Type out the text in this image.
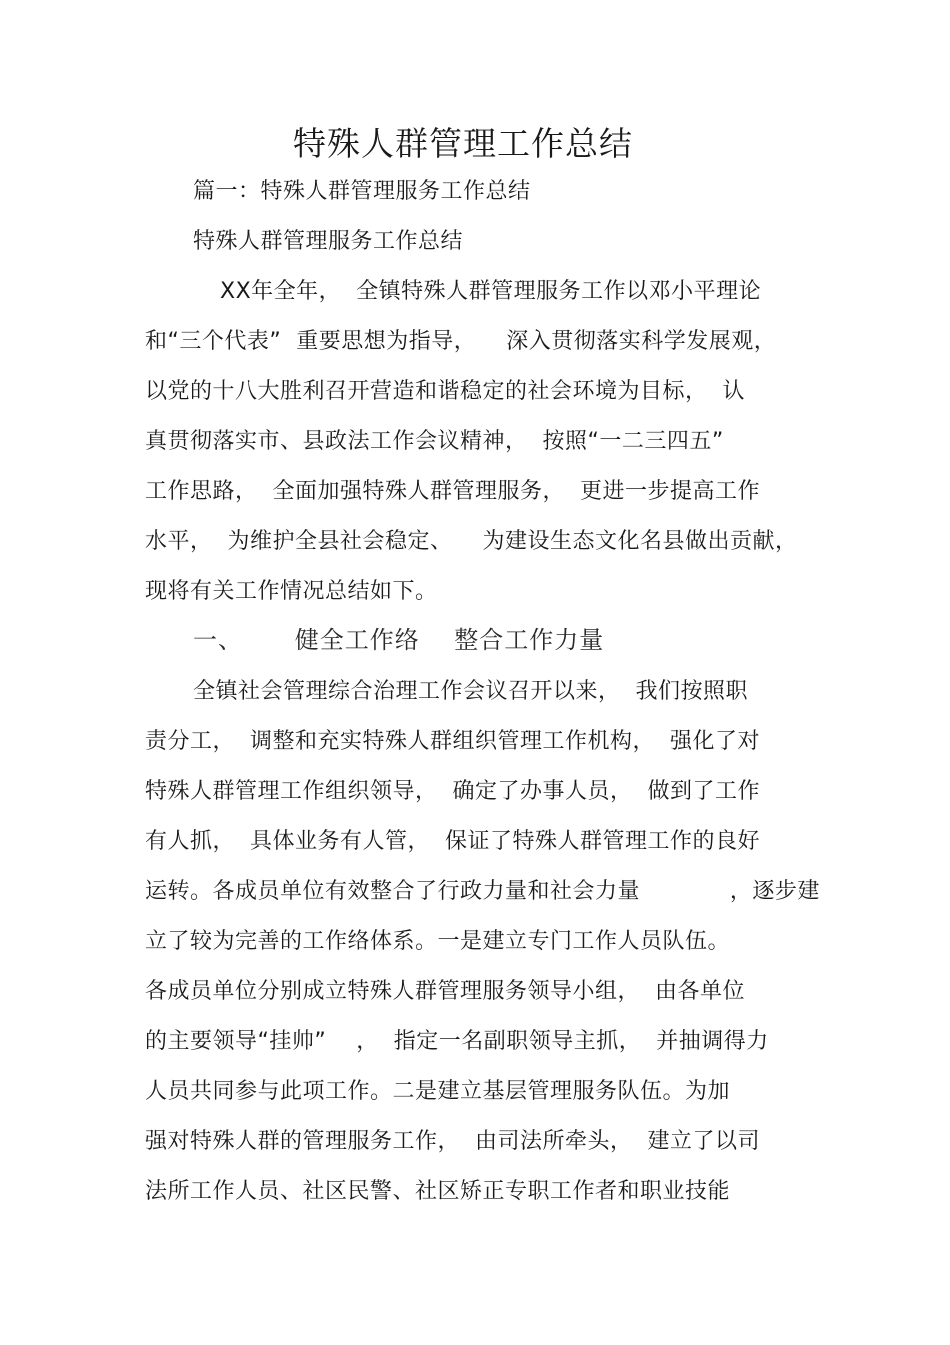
特殊人群管理工作总结
篇一：特殊人群管理服务工作总结
特殊人群管理服务工作总结
XX年全年，  全镇特殊人群管理服务工作以邓小平理论
和“三个代表”  重要思想为指导，    深入贯彻落实科学发展观，
以党的十八大胜利召开营造和谐稳定的社会环境为目标，  认
真贯彻落实市、县政法工作会议精神，  按照“一二三四五”
工作思路，  全面加强特殊人群管理服务，  更进一步提高工作
水平，  为维护全县社会稳定、    为建设生态文化名县做出贡献，
现将有关工作情况总结如下。
一、      健全工作络    整合工作力量
全镇社会管理综合治理工作会议召开以来，  我们按照职
责分工，  调整和充实特殊人群组织管理工作机构，  强化了对
特殊人群管理工作组织领导，  确定了办事人员，  做到了工作
有人抓，  具体业务有人管，  保证了特殊人群管理工作的良好
运转。各成员单位有效整合了行政力量和社会力量            ，逐步建
立了较为完善的工作络体系。一是建立专门工作人员队伍。
各成员单位分别成立特殊人群管理服务领导小组，  由各单位
的主要领导“挂帅”    ，  指定一名副职领导主抓，  并抽调得力
人员共同参与此项工作。二是建立基层管理服务队伍。为加
强对特殊人群的管理服务工作，  由司法所牵头，  建立了以司
法所工作人员、社区民警、社区矫正专职工作者和职业技能
